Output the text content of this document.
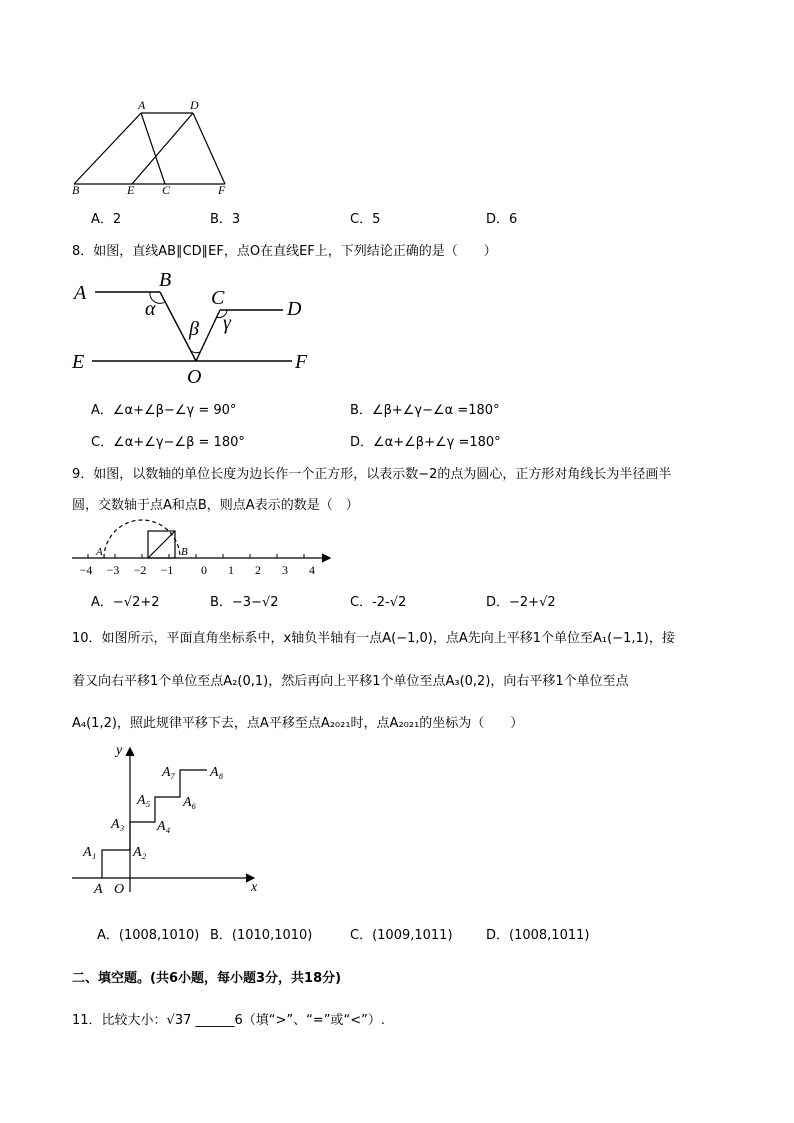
A	D
B	E C	F
A．2	B．3	C．5	D．6
8．如图，直线AB∥CD∥EF，点O在直线EF上，下列结论正确的是（　　）
A
B
C	D
E
O
F
α
β γ
A．∠α+∠β−∠γ = 90°	B．∠β+∠γ−∠α =180°
C．∠α+∠γ−∠β = 180°	D．∠α+∠β+∠γ =180°
9．如图，以数轴的单位长度为边长作一个正方形，以表示数−2的点为圆心，正方形对角线长为半径画半
圆，交数轴于点A和点B，则点A表示的数是（　）
A	B
−4 −3 −2 −1 0 1 2 3 4
A．−√2+2	B．−3−√2	C．-2-√2	D．−2+√2
10．如图所示，平面直角坐标系中，x轴负半轴有一点A(−1,0)，点A先向上平移1个单位至A₁(−1,1)，接
着又向右平移1个单位至点A₂(0,1)，然后再向上平移1个单位至点A₃(0,2)，向右平移1个单位至点
A₄(1,2)，照此规律平移下去，点A平移至点A₂₀₂₁时，点A₂₀₂₁的坐标为（　　）
y
x
O
A
A₁	A₂
A₃ A₄
A₅ A₆
A₇ A₈
A．(1008,1010) B．(1010,1010)	C．(1009,1011)	D．(1008,1011)
二、填空题。(共6小题，每小题3分，共18分)
11．比较大小：√37 ______6（填“>”、“=”或“<”）.
